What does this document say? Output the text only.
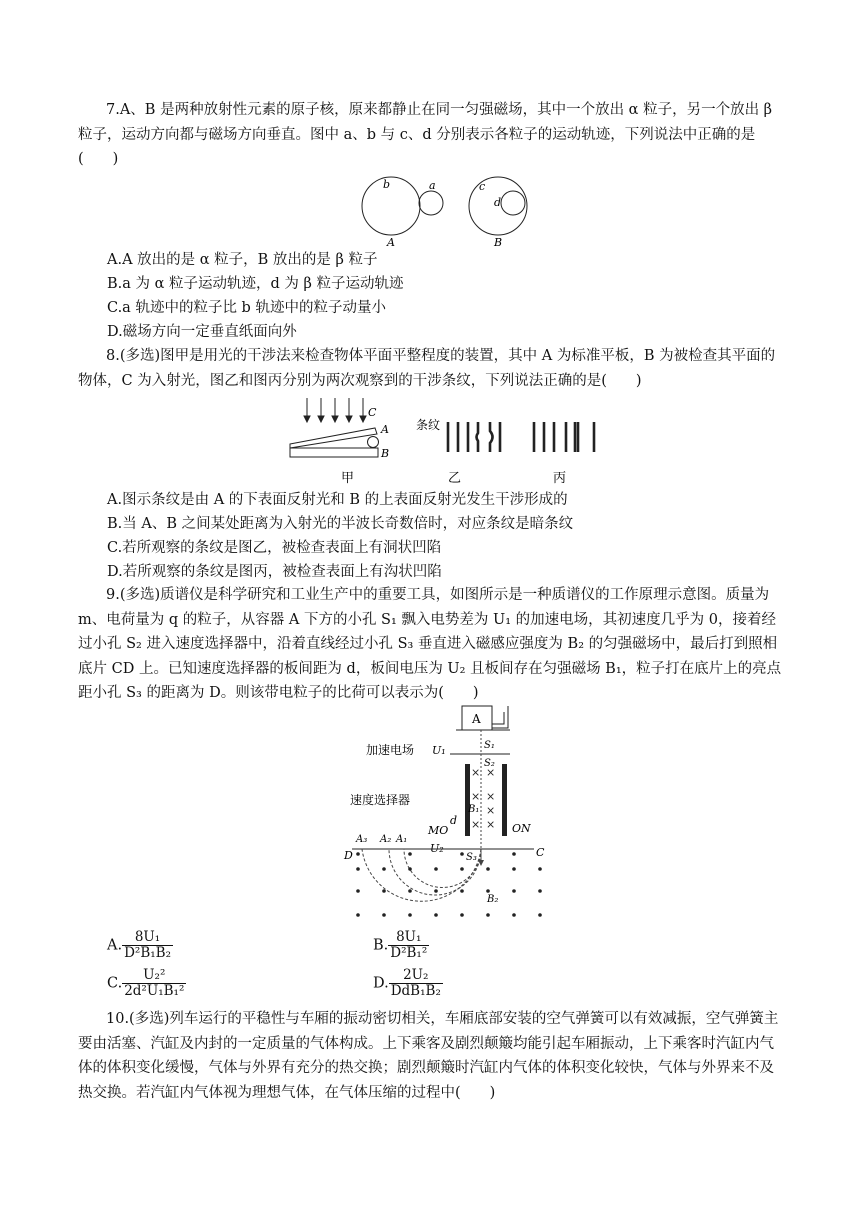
7.A、B 是两种放射性元素的原子核，原来都静止在同一匀强磁场，其中一个放出 α 粒子，另一个放出 β 粒子，运动方向都与磁场方向垂直。图中 a、b 与 c、d 分别表示各粒子的运动轨迹，下列说法中正确的是(　　)

b	a	c
d
A	B

A.A 放出的是 α 粒子，B 放出的是 β 粒子

B.a 为 α 粒子运动轨迹，d 为 β 粒子运动轨迹

C.a 轨迹中的粒子比 b 轨迹中的粒子动量小

D.磁场方向一定垂直纸面向外

8.(多选)图甲是用光的干涉法来检查物体平面平整程度的装置，其中 A 为标准平板，B 为被检查其平面的物体，C 为入射光，图乙和图丙分别为两次观察到的干涉条纹，下列说法正确的是(　　)

C
A
B
条纹
甲	乙	丙

A.图示条纹是由 A 的下表面反射光和 B 的上表面反射光发生干涉形成的

B.当 A、B 之间某处距离为入射光的半波长奇数倍时，对应条纹是暗条纹

C.若所观察的条纹是图乙，被检查表面上有洞状凹陷

D.若所观察的条纹是图丙，被检查表面上有沟状凹陷

9.(多选)质谱仪是科学研究和工业生产中的重要工具，如图所示是一种质谱仪的工作原理示意图。质量为 m、电荷量为 q 的粒子，从容器 A 下方的小孔 S₁ 飘入电势差为 U₁ 的加速电场，其初速度几乎为 0，接着经过小孔 S₂ 进入速度选择器中，沿着直线经过小孔 S₃ 垂直进入磁感应强度为 B₂ 的匀强磁场中，最后打到照相底片 CD 上。已知速度选择器的板间距为 d，板间电压为 U₂ 且板间存在匀强磁场 B₁，粒子打在底片上的亮点距小孔 S₃ 的距离为 D。则该带电粒子的比荷可以表示为(　　)

A
S₁
S₂
加速电场 U₁
× ×
× ×
×
× ×
速度选择器
MO	ON
B₁
U₂
d
D	C
A₃ A₂ A₁
S₃
B₂
A. $\frac{\text{8U₁}}{\text{D²B₁B₂}}$	B. $\frac{\text{8U₁}}{\text{D²B₁²}}$
C. $\frac{\text{U₂²}}{\text{2d²U₁B₁²}}$	D. $\frac{\text{2U₂}}{\text{DdB₁B₂}}$

10.(多选)列车运行的平稳性与车厢的振动密切相关，车厢底部安装的空气弹簧可以有效减振，空气弹簧主要由活塞、汽缸及内封的一定质量的气体构成。上下乘客及剧烈颠簸均能引起车厢振动，上下乘客时汽缸内气体的体积变化缓慢，气体与外界有充分的热交换；剧烈颠簸时汽缸内气体的体积变化较快，气体与外界来不及热交换。若汽缸内气体视为理想气体，在气体压缩的过程中(　　)
